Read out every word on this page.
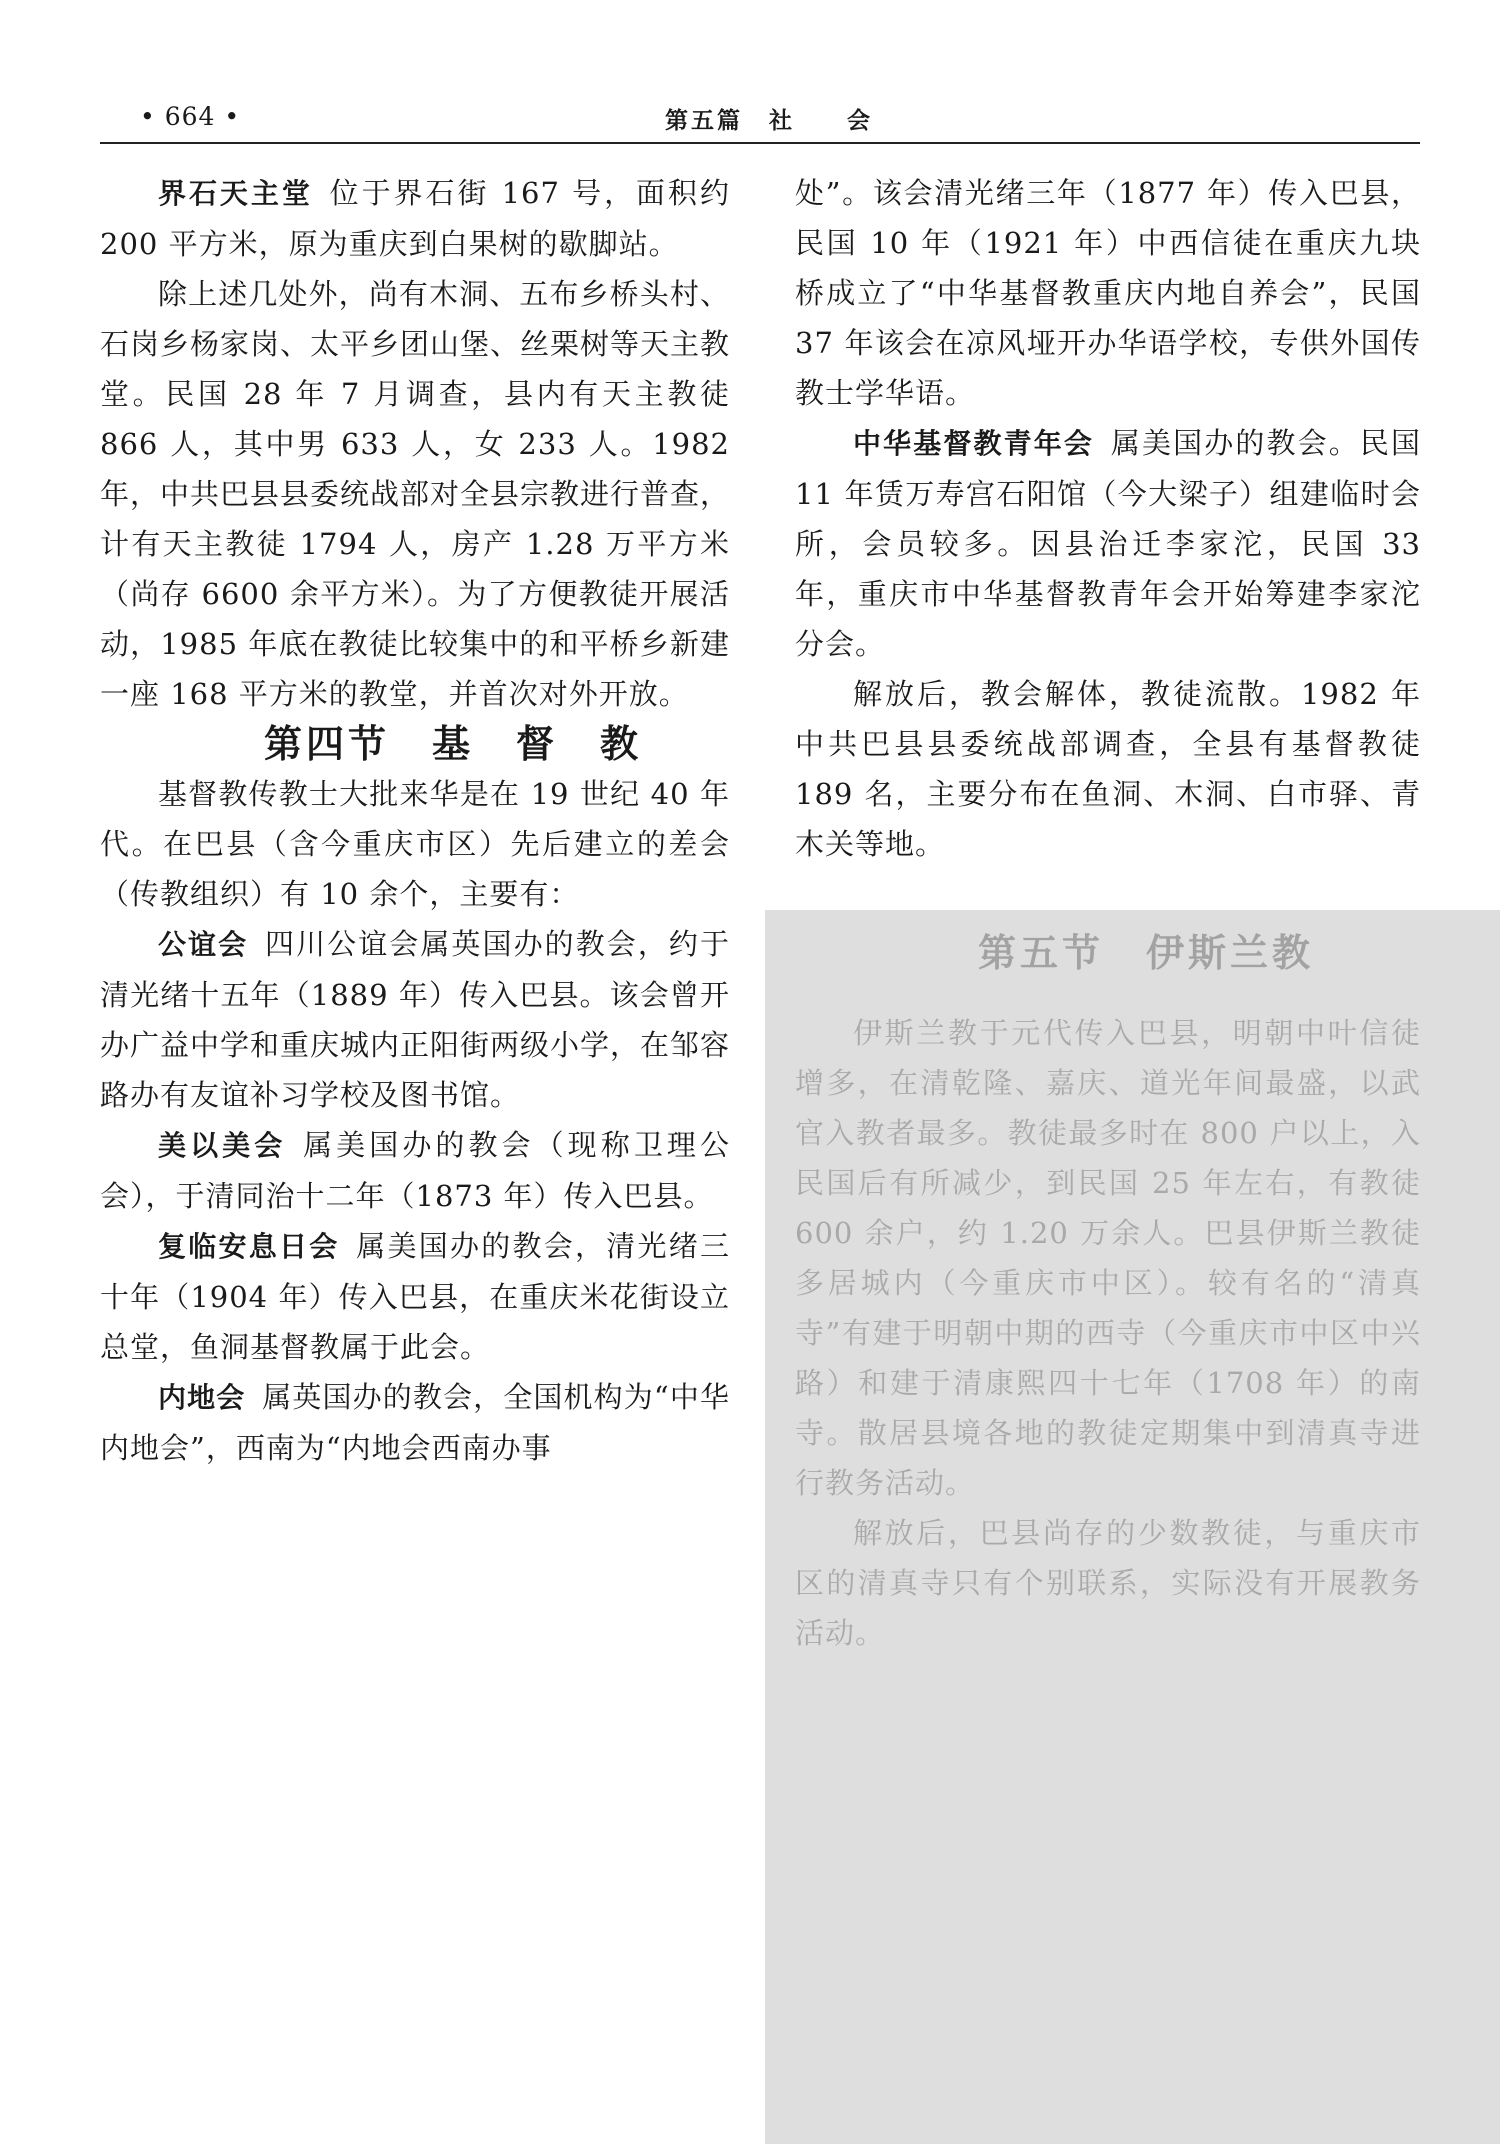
• 664 •	第五篇　社　　会

界石天主堂 位于界石街 167 号，面积约 200 平方米，原为重庆到白果树的歇脚站。

除上述几处外，尚有木洞、五布乡桥头村、石岗乡杨家岗、太平乡团山堡、丝栗树等天主教堂。民国 28 年 7 月调查，县内有天主教徒 866 人，其中男 633 人，女 233 人。1982 年，中共巴县县委统战部对全县宗教进行普查，计有天主教徒 1794 人，房产 1.28 万平方米（尚存 6600 余平方米）。为了方便教徒开展活动，1985 年底在教徒比较集中的和平桥乡新建一座 168 平方米的教堂，并首次对外开放。

第四节　基　督　教

基督教传教士大批来华是在 19 世纪 40 年代。在巴县（含今重庆市区）先后建立的差会（传教组织）有 10 余个，主要有：

公谊会 四川公谊会属英国办的教会，约于清光绪十五年（1889 年）传入巴县。该会曾开办广益中学和重庆城内正阳街两级小学，在邹容路办有友谊补习学校及图书馆。

美以美会 属美国办的教会（现称卫理公会），于清同治十二年（1873 年）传入巴县。

复临安息日会 属美国办的教会，清光绪三十年（1904 年）传入巴县，在重庆米花街设立总堂，鱼洞基督教属于此会。

内地会 属英国办的教会，全国机构为“中华内地会”，西南为“内地会西南办事

处”。该会清光绪三年（1877 年）传入巴县，民国 10 年（1921 年）中西信徒在重庆九块桥成立了“中华基督教重庆内地自养会”，民国 37 年该会在凉风垭开办华语学校，专供外国传教士学华语。

中华基督教青年会 属美国办的教会。民国 11 年赁万寿宫石阳馆（今大梁子）组建临时会所，会员较多。因县治迁李家沱，民国 33 年，重庆市中华基督教青年会开始筹建李家沱分会。

解放后，教会解体，教徒流散。1982 年中共巴县县委统战部调查，全县有基督教徒 189 名，主要分布在鱼洞、木洞、白市驿、青木关等地。

第五节　伊斯兰教

伊斯兰教于元代传入巴县，明朝中叶信徒增多，在清乾隆、嘉庆、道光年间最盛，以武官入教者最多。教徒最多时在 800 户以上，入民国后有所减少，到民国 25 年左右，有教徒 600 余户，约 1.20 万余人。巴县伊斯兰教徒多居城内（今重庆市中区）。较有名的“清真寺”有建于明朝中期的西寺（今重庆市中区中兴路）和建于清康熙四十七年（1708 年）的南寺。散居县境各地的教徒定期集中到清真寺进行教务活动。

解放后，巴县尚存的少数教徒，与重庆市区的清真寺只有个别联系，实际没有开展教务活动。
